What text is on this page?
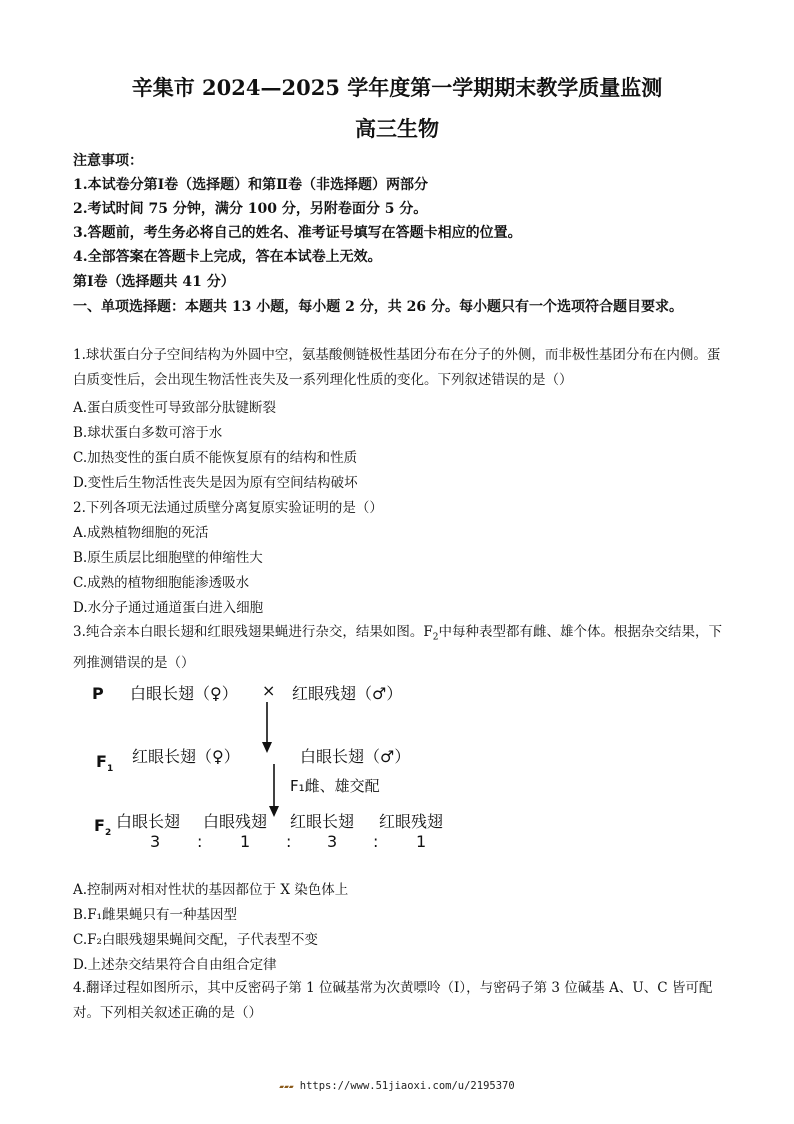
辛集市 2024—2025 学年度第一学期期末教学质量监测
高三生物
注意事项：
1.本试卷分第Ⅰ卷（选择题）和第Ⅱ卷（非选择题）两部分
2.考试时间 75 分钟，满分 100 分，另附卷面分 5 分。
3.答题前，考生务必将自己的姓名、准考证号填写在答题卡相应的位置。
4.全部答案在答题卡上完成，答在本试卷上无效。
第Ⅰ卷（选择题共 41 分）
一、单项选择题：本题共 13 小题，每小题 2 分，共 26 分。每小题只有一个选项符合题目要求。
1.球状蛋白分子空间结构为外圆中空，氨基酸侧链极性基团分布在分子的外侧，而非极性基团分布在内侧。蛋白质变性后，会出现生物活性丧失及一系列理化性质的变化。下列叙述错误的是（）
A.蛋白质变性可导致部分肽键断裂
B.球状蛋白多数可溶于水
C.加热变性的蛋白质不能恢复原有的结构和性质
D.变性后生物活性丧失是因为原有空间结构破坏
2.下列各项无法通过质壁分离复原实验证明的是（）
A.成熟植物细胞的死活
B.原生质层比细胞壁的伸缩性大
C.成熟的植物细胞能渗透吸水
D.水分子通过通道蛋白进入细胞
3.纯合亲本白眼长翅和红眼残翅果蝇进行杂交，结果如图。$F_2$中每种表型都有雌、雄个体。根据杂交结果，下列推测错误的是（）
P 白眼长翅（♀） × 红眼残翅（♂）
$F_1$
红眼长翅（♀）	白眼长翅（♂）
F₁雌、雄交配
$F_2$
白眼长翅 白眼残翅 红眼长翅 红眼残翅
3 : 1 : 3 : 1
A.控制两对相对性状的基因都位于 X 染色体上
B.F₁雌果蝇只有一种基因型
C.F₂白眼残翅果蝇间交配，子代表型不变
D.上述杂交结果符合自由组合定律
4.翻译过程如图所示，其中反密码子第 1 位碱基常为次黄嘌呤（I），与密码子第 3 位碱基 A、U、C 皆可配对。下列相关叙述正确的是（）
▰▰▰ https://www.51jiaoxi.com/u/2195370
